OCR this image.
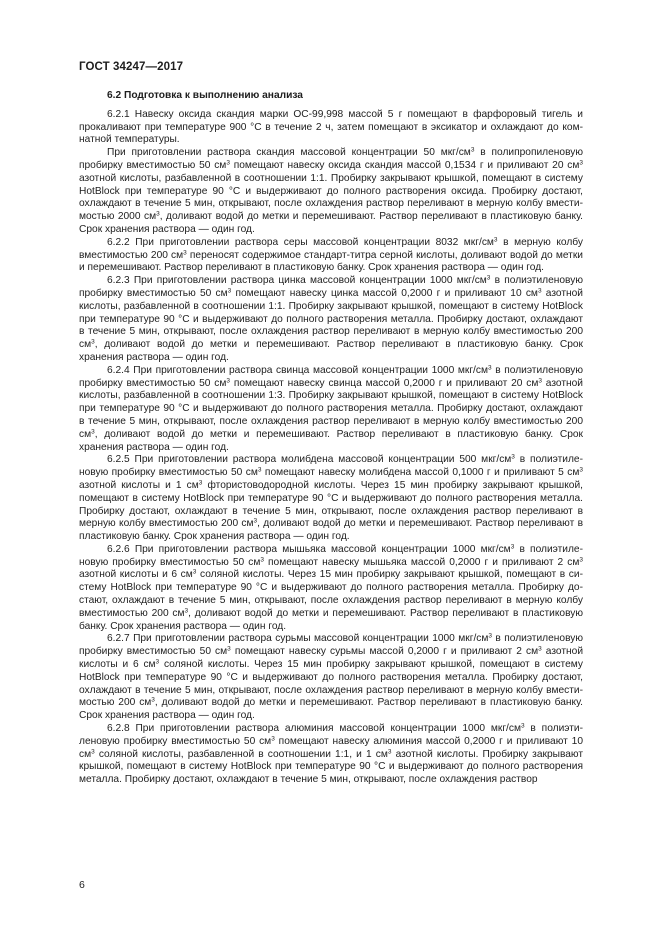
ГОСТ 34247—2017
6.2 Подготовка к выполнению анализа

6.2.1 Навеску оксида скандия марки ОС-99,998 массой 5 г помещают в фарфоровый тигель и прокаливают при температуре 900 °С в течение 2 ч, затем помещают в эксикатор и охлаждают до комнатной температуры.

При приготовлении раствора скандия массовой концентрации 50 мкг/$см^3$ в полипропиленовую пробирку вместимостью 50 $см^3$ помещают навеску оксида скандия массой 0,1534 г и приливают 20 $см^3$ азотной кислоты, разбавленной в соотношении 1:1. Пробирку закрывают крышкой, помещают в систему HotBlock при температуре 90 °С и выдерживают до полного растворения оксида. Пробирку достают, охлаждают в течение 5 мин, открывают, после охлаждения раствор переливают в мерную колбу вместимостью 2000 $см^3$, доливают водой до метки и перемешивают. Раствор переливают в пластиковую банку. Срок хранения раствора — один год.

6.2.2 При приготовлении раствора серы массовой концентрации 8032 мкг/$см^3$ в мерную колбу вместимостью 200 $см^3$ переносят содержимое стандарт-титра серной кислоты, доливают водой до метки и перемешивают. Раствор переливают в пластиковую банку. Срок хранения раствора — один год.

6.2.3 При приготовлении раствора цинка массовой концентрации 1000 мкг/$см^3$ в полиэтиленовую пробирку вместимостью 50 $см^3$ помещают навеску цинка массой 0,2000 г и приливают 10 $см^3$ азотной кислоты, разбавленной в соотношении 1:1. Пробирку закрывают крышкой, помещают в систему HotBlock при температуре 90 °С и выдерживают до полного растворения металла. Пробирку достают, охлаждают в течение 5 мин, открывают, после охлаждения раствор переливают в мерную колбу вместимостью 200 $см^3$, доливают водой до метки и перемешивают. Раствор переливают в пластиковую банку. Срок хранения раствора — один год.

6.2.4 При приготовлении раствора свинца массовой концентрации 1000 мкг/$см^3$ в полиэтиленовую пробирку вместимостью 50 $см^3$ помещают навеску свинца массой 0,2000 г и приливают 20 $см^3$ азотной кислоты, разбавленной в соотношении 1:3. Пробирку закрывают крышкой, помещают в систему HotBlock при температуре 90 °С и выдерживают до полного растворения металла. Пробирку достают, охлаждают в течение 5 мин, открывают, после охлаждения раствор переливают в мерную колбу вместимостью 200 $см^3$, доливают водой до метки и перемешивают. Раствор переливают в пластиковую банку. Срок хранения раствора — один год.

6.2.5 При приготовлении раствора молибдена массовой концентрации 500 мкг/$см^3$ в полиэтиленовую пробирку вместимостью 50 $см^3$ помещают навеску молибдена массой 0,1000 г и приливают 5 $см^3$ азотной кислоты и 1 $см^3$ фтористоводородной кислоты. Через 15 мин пробирку закрывают крышкой, помещают в систему HotBlock при температуре 90 °С и выдерживают до полного растворения металла. Пробирку достают, охлаждают в течение 5 мин, открывают, после охлаждения раствор переливают в мерную колбу вместимостью 200 $см^3$, доливают водой до метки и перемешивают. Раствор переливают в пластиковую банку. Срок хранения раствора — один год.

6.2.6 При приготовлении раствора мышьяка массовой концентрации 1000 мкг/$см^3$ в полиэтиленовую пробирку вместимостью 50 $см^3$ помещают навеску мышьяка массой 0,2000 г и приливают 2 $см^3$ азотной кислоты и 6 $см^3$ соляной кислоты. Через 15 мин пробирку закрывают крышкой, помещают в систему HotBlock при температуре 90 °С и выдерживают до полного растворения металла. Пробирку достают, охлаждают в течение 5 мин, открывают, после охлаждения раствор переливают в мерную колбу вместимостью 200 $см^3$, доливают водой до метки и перемешивают. Раствор переливают в пластиковую банку. Срок хранения раствора — один год.

6.2.7 При приготовлении раствора сурьмы массовой концентрации 1000 мкг/$см^3$ в полиэтиленовую пробирку вместимостью 50 $см^3$ помещают навеску сурьмы массой 0,2000 г и приливают 2 $см^3$ азотной кислоты и 6 $см^3$ соляной кислоты. Через 15 мин пробирку закрывают крышкой, помещают в систему HotBlock при температуре 90 °С и выдерживают до полного растворения металла. Пробирку достают, охлаждают в течение 5 мин, открывают, после охлаждения раствор переливают в мерную колбу вместимостью 200 $см^3$, доливают водой до метки и перемешивают. Раствор переливают в пластиковую банку. Срок хранения раствора — один год.

6.2.8 При приготовлении раствора алюминия массовой концентрации 1000 мкг/$см^3$ в полиэтиленовую пробирку вместимостью 50 $см^3$ помещают навеску алюминия массой 0,2000 г и приливают 10 $см^3$ соляной кислоты, разбавленной в соотношении 1:1, и 1 $см^3$ азотной кислоты. Пробирку закрывают крышкой, помещают в систему HotBlock при температуре 90 °С и выдерживают до полного растворения металла. Пробирку достают, охлаждают в течение 5 мин, открывают, после охлаждения раствор

6
